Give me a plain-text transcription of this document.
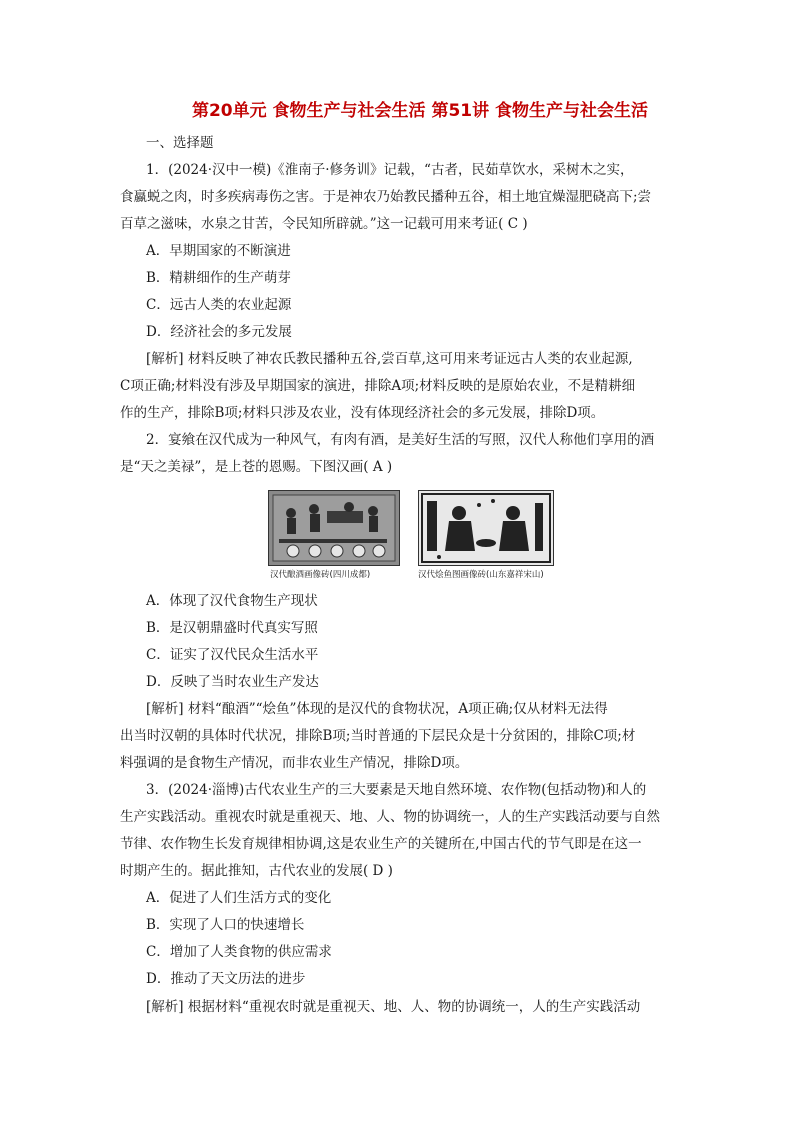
第20单元 食物生产与社会生活 第51讲 食物生产与社会生活
一、选择题
1．(2024·汉中一模)《淮南子·修务训》记载，“古者，民茹草饮水，采树木之实，
食蠃蜕之肉，时多疾病毒伤之害。于是神农乃始教民播种五谷，相土地宜燥湿肥硗高下;尝
百草之滋味，水泉之甘苦，令民知所辟就。”这一记载可用来考证( C )
A．早期国家的不断演进
B．精耕细作的生产萌芽
C．远古人类的农业起源
D．经济社会的多元发展
[解析] 材料反映了神农氏教民播种五谷,尝百草,这可用来考证远古人类的农业起源,
C项正确;材料没有涉及早期国家的演进，排除A项;材料反映的是原始农业，不是精耕细
作的生产，排除B项;材料只涉及农业，没有体现经济社会的多元发展，排除D项。
2．宴飨在汉代成为一种风气，有肉有酒，是美好生活的写照，汉代人称他们享用的酒
是“天之美禄”，是上苍的恩赐。下图汉画( A )
汉代酿酒画像砖(四川成都)	汉代烩鱼图画像砖(山东嘉祥宋山)
A．体现了汉代食物生产现状
B．是汉朝鼎盛时代真实写照
C．证实了汉代民众生活水平
D．反映了当时农业生产发达
[解析] 材料“酿酒”“烩鱼”体现的是汉代的食物状况，A项正确;仅从材料无法得
出当时汉朝的具体时代状况，排除B项;当时普通的下层民众是十分贫困的，排除C项;材
料强调的是食物生产情况，而非农业生产情况，排除D项。
3．(2024·淄博)古代农业生产的三大要素是天地自然环境、农作物(包括动物)和人的
生产实践活动。重视农时就是重视天、地、人、物的协调统一，人的生产实践活动要与自然
节律、农作物生长发育规律相协调,这是农业生产的关键所在,中国古代的节气即是在这一
时期产生的。据此推知，古代农业的发展( D )
A．促进了人们生活方式的变化
B．实现了人口的快速增长
C．增加了人类食物的供应需求
D．推动了天文历法的进步
[解析] 根据材料“重视农时就是重视天、地、人、物的协调统一，人的生产实践活动
